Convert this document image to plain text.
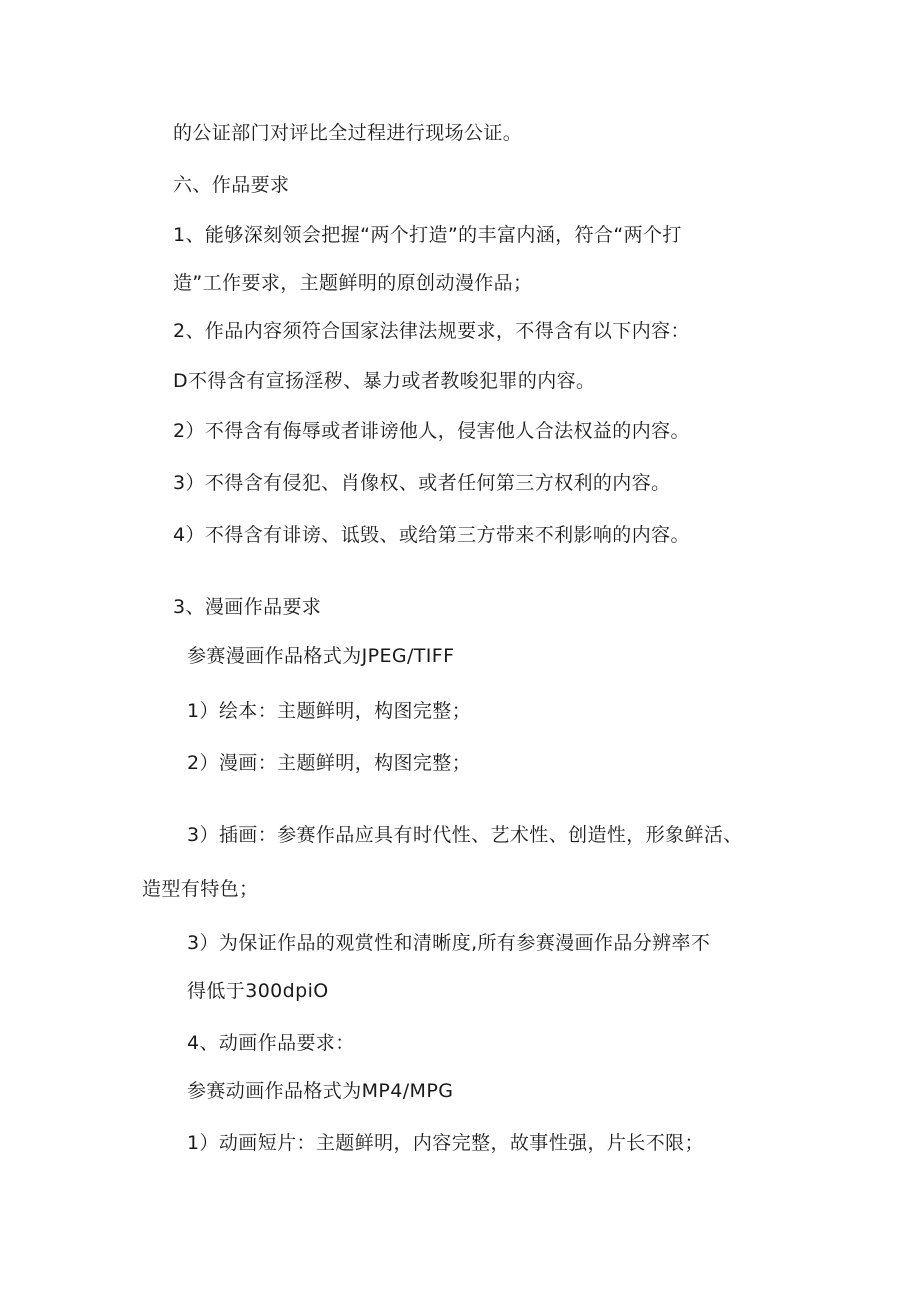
的公证部门对评比全过程进行现场公证。

六、作品要求

1、能够深刻领会把握“两个打造”的丰富内涵，符合“两个打

造”工作要求，主题鲜明的原创动漫作品；

2、作品内容须符合国家法律法规要求，不得含有以下内容：

D不得含有宣扬淫秽、暴力或者教唆犯罪的内容。

2）不得含有侮辱或者诽谤他人，侵害他人合法权益的内容。

3）不得含有侵犯、肖像权、或者任何第三方权利的内容。

4）不得含有诽谤、诋毁、或给第三方带来不利影响的内容。

3、漫画作品要求

参赛漫画作品格式为JPEG/TIFF

1）绘本：主题鲜明，构图完整；

2）漫画：主题鲜明，构图完整；

3）插画：参赛作品应具有时代性、艺术性、创造性，形象鲜活、

造型有特色；

3）为保证作品的观赏性和清晰度,所有参赛漫画作品分辨率不

得低于300dpiO

4、动画作品要求：

参赛动画作品格式为MP4/MPG

1）动画短片：主题鲜明，内容完整，故事性强，片长不限；
